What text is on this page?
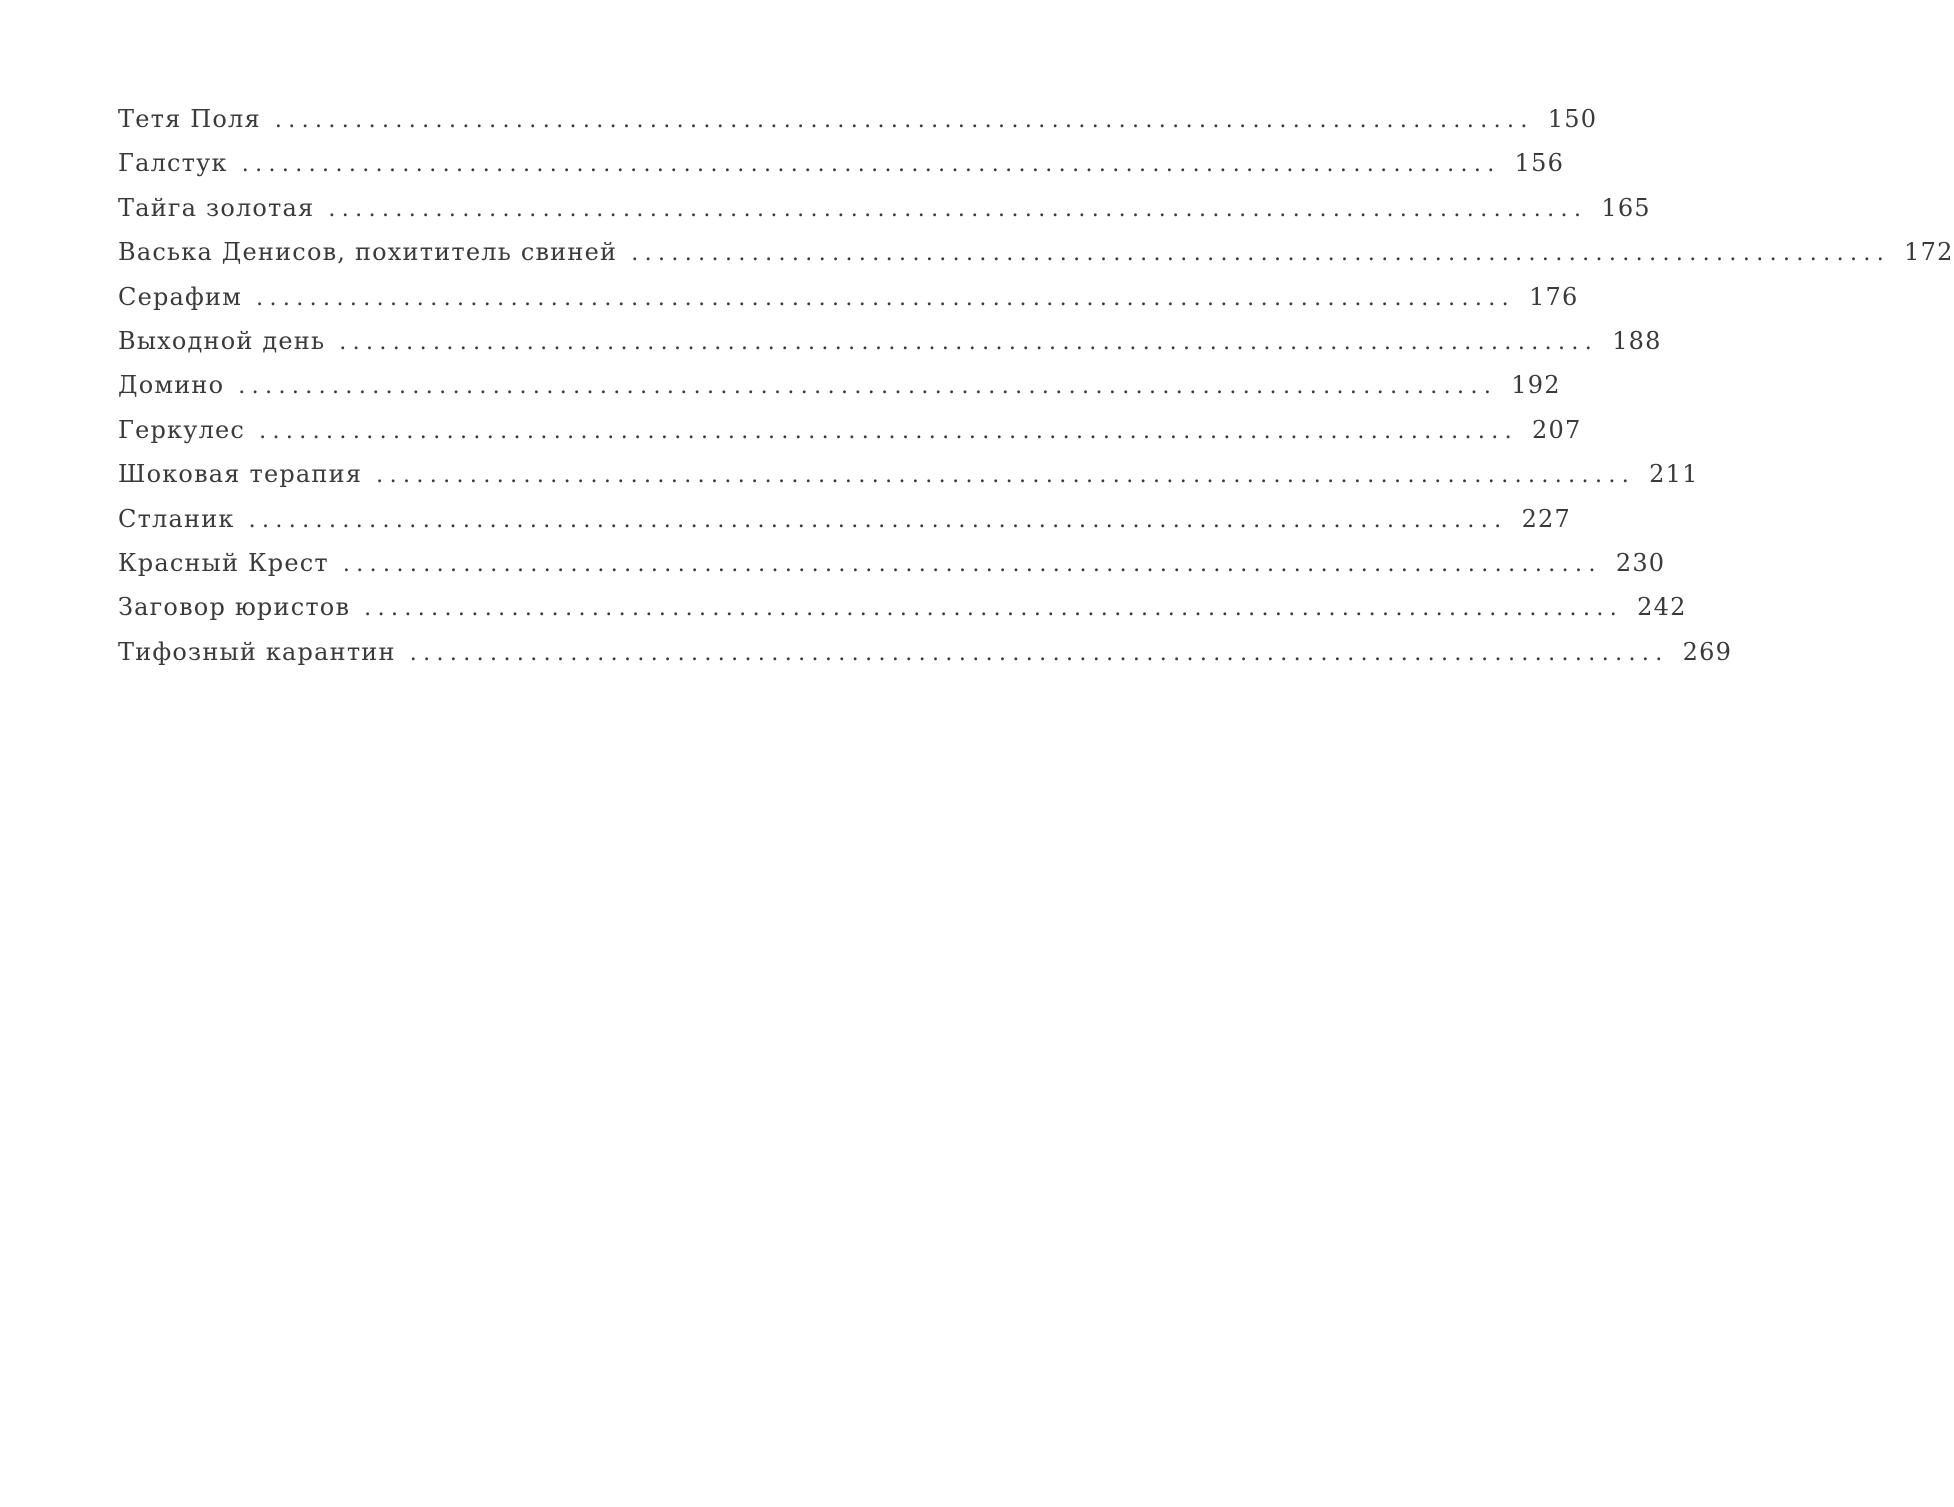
Тетя Поля .............................................................................................. 150
Галстук .............................................................................................. 156
Тайга золотая .............................................................................................. 165
Васька Денисов, похититель свиней .............................................................................................. 172
Серафим .............................................................................................. 176
Выходной день .............................................................................................. 188
Домино .............................................................................................. 192
Геркулес .............................................................................................. 207
Шоковая терапия .............................................................................................. 211
Стланик .............................................................................................. 227
Красный Крест .............................................................................................. 230
Заговор юристов .............................................................................................. 242
Тифозный карантин .............................................................................................. 269
